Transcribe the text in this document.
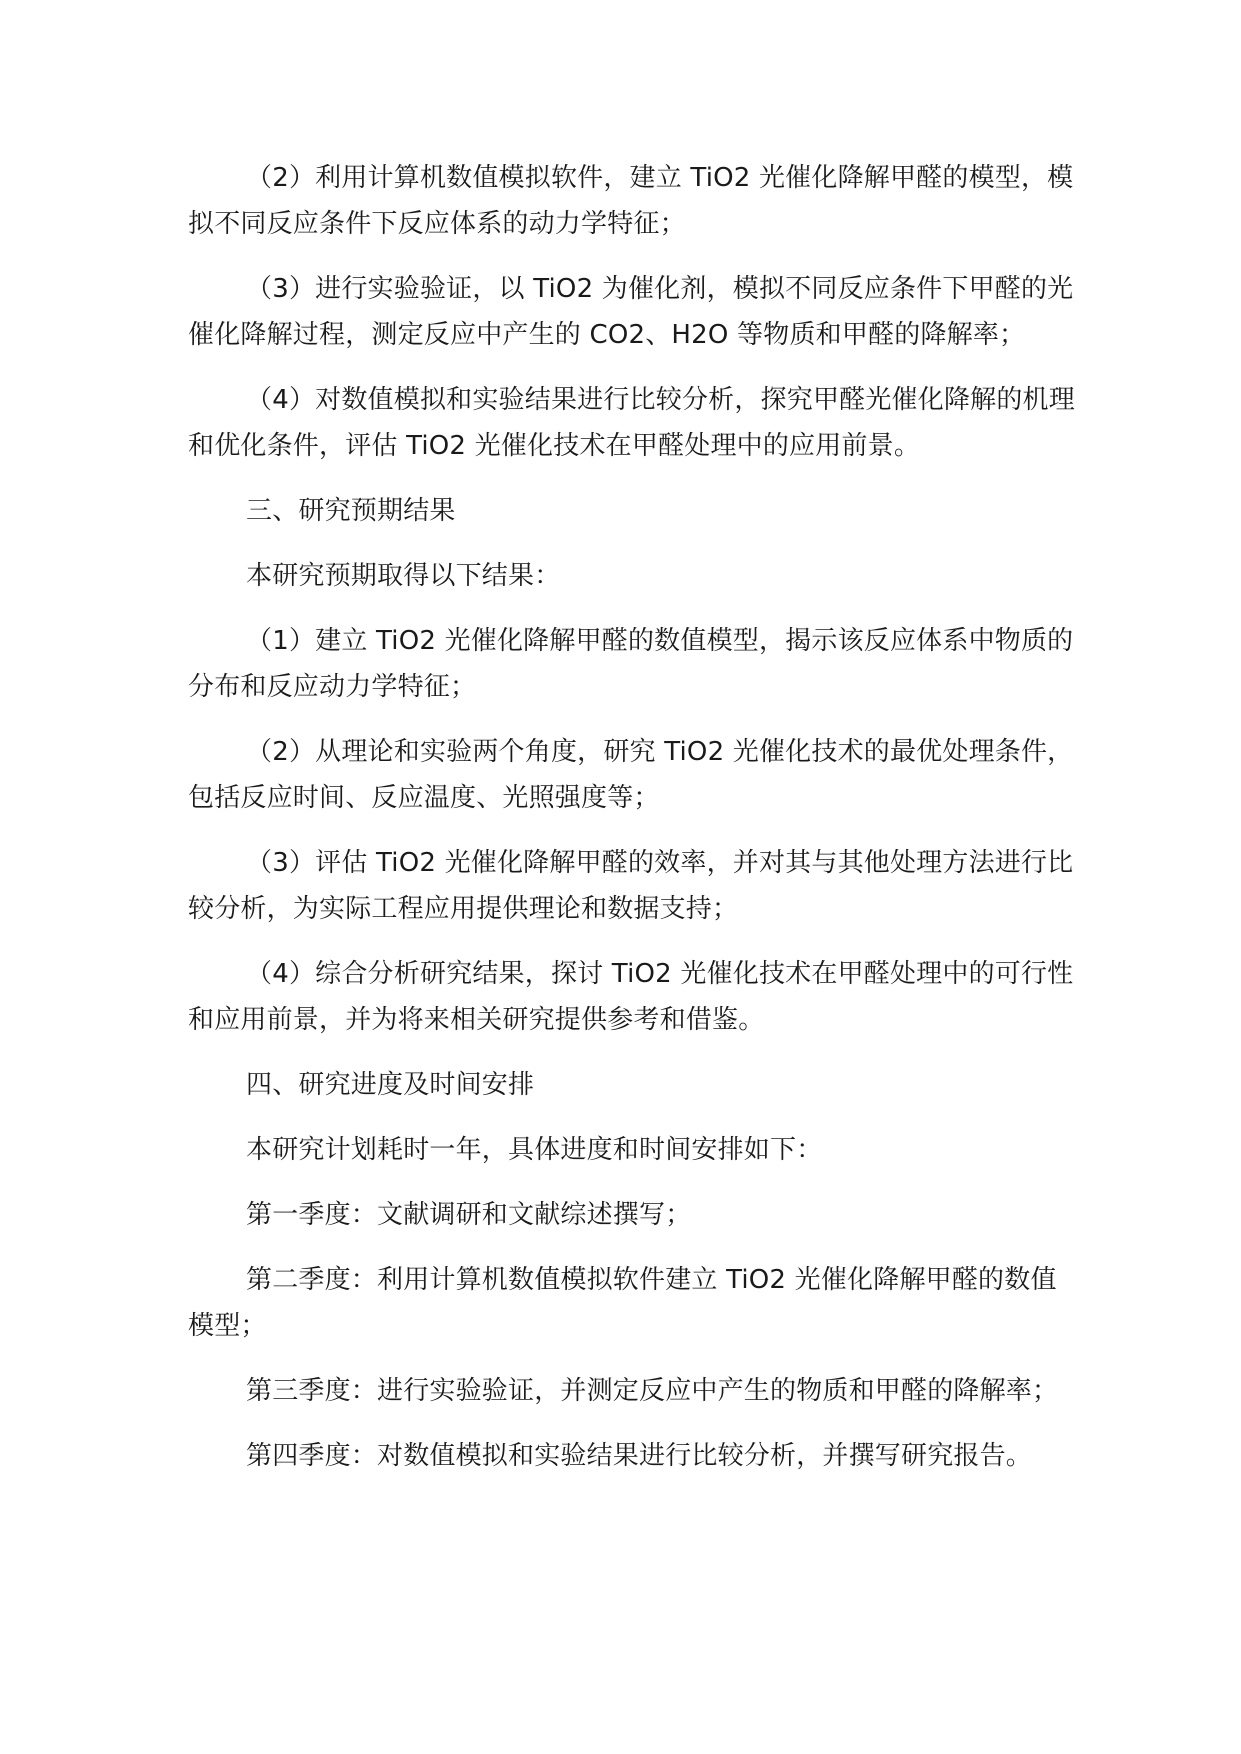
（2）利用计算机数值模拟软件，建立 TiO2 光催化降解甲醛的模型，模拟不同反应条件下反应体系的动力学特征；

（3）进行实验验证，以 TiO2 为催化剂，模拟不同反应条件下甲醛的光催化降解过程，测定反应中产生的 CO2、H2O 等物质和甲醛的降解率；

（4）对数值模拟和实验结果进行比较分析，探究甲醛光催化降解的机理和优化条件，评估 TiO2 光催化技术在甲醛处理中的应用前景。

三、研究预期结果

本研究预期取得以下结果：

（1）建立 TiO2 光催化降解甲醛的数值模型，揭示该反应体系中物质的分布和反应动力学特征；

（2）从理论和实验两个角度，研究 TiO2 光催化技术的最优处理条件，包括反应时间、反应温度、光照强度等；

（3）评估 TiO2 光催化降解甲醛的效率，并对其与其他处理方法进行比较分析，为实际工程应用提供理论和数据支持；

（4）综合分析研究结果，探讨 TiO2 光催化技术在甲醛处理中的可行性和应用前景，并为将来相关研究提供参考和借鉴。

四、研究进度及时间安排

本研究计划耗时一年，具体进度和时间安排如下：

第一季度：文献调研和文献综述撰写；

第二季度：利用计算机数值模拟软件建立 TiO2 光催化降解甲醛的数值模型；

第三季度：进行实验验证，并测定反应中产生的物质和甲醛的降解率；

第四季度：对数值模拟和实验结果进行比较分析，并撰写研究报告。
